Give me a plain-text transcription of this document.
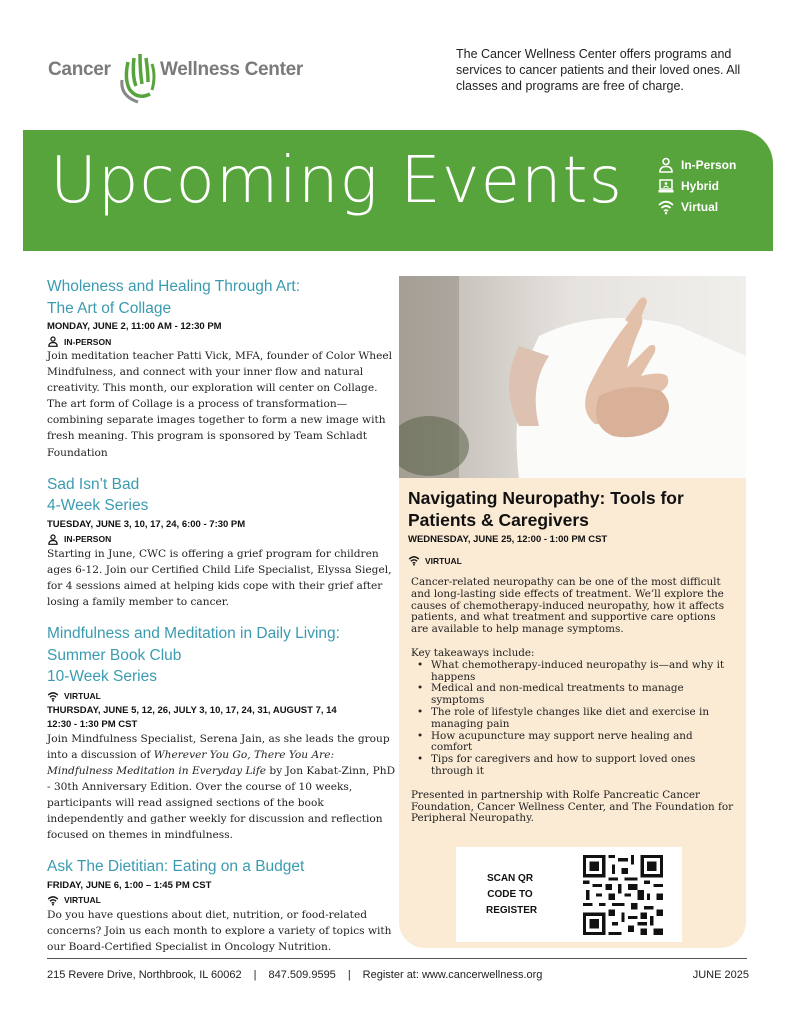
Cancer	Wellness Center
The Cancer Wellness Center offers programs and services to cancer patients and their loved ones. All classes and programs are free of charge.
Upcoming Events	In-Person
Hybrid
Virtual
Wholeness and Healing Through Art:
The Art of Collage
MONDAY, JUNE 2, 11:00 AM - 12:30 PM
IN-PERSON
Join meditation teacher Patti Vick, MFA, founder of Color Wheel Mindfulness, and connect with your inner flow and natural creativity. This month, our exploration will center on Collage. The art form of Collage is a process of transformation—combining separate images together to form a new image with fresh meaning. This program is sponsored by Team Schladt Foundation
Sad Isn’t Bad
4-Week Series
TUESDAY, JUNE 3, 10, 17, 24, 6:00 - 7:30 PM
IN-PERSON
Starting in June, CWC is offering a grief program for children ages 6-12. Join our Certified Child Life Specialist, Elyssa Siegel, for 4 sessions aimed at helping kids cope with their grief after losing a family member to cancer.
Mindfulness and Meditation in Daily Living:
Summer Book Club
10-Week Series
VIRTUAL
THURSDAY, JUNE 5, 12, 26, JULY 3, 10, 17, 24, 31, AUGUST 7, 14
12:30 - 1:30 PM CST
Join Mindfulness Specialist, Serena Jain, as she leads the group into a discussion of Wherever You Go, There You Are: Mindfulness Meditation in Everyday Life by Jon Kabat-Zinn, PhD - 30th Anniversary Edition. Over the course of 10 weeks, participants will read assigned sections of the book independently and gather weekly for discussion and reflection focused on themes in mindfulness.
Ask The Dietitian: Eating on a Budget
FRIDAY, JUNE 6, 1:00 – 1:45 PM CST
VIRTUAL
Do you have questions about diet, nutrition, or food-related concerns? Join us each month to explore a variety of topics with our Board-Certified Specialist in Oncology Nutrition.
Navigating Neuropathy: Tools for Patients & Caregivers
WEDNESDAY, JUNE 25, 12:00 - 1:00 PM CST
VIRTUAL

Cancer-related neuropathy can be one of the most difficult and long-lasting side effects of treatment. We’ll explore the causes of chemotherapy-induced neuropathy, how it affects patients, and what treatment and supportive care options are available to help manage symptoms.

Key takeaways include:
• What chemotherapy-induced neuropathy is—and why it happens
• Medical and non-medical treatments to manage symptoms
• The role of lifestyle changes like diet and exercise in managing pain
• How acupuncture may support nerve healing and comfort
• Tips for caregivers and how to support loved ones through it

Presented in partnership with Rolfe Pancreatic Cancer Foundation, Cancer Wellness Center, and The Foundation for Peripheral Neuropathy.

SCAN QR CODE TO REGISTER
215 Revere Drive, Northbrook, IL 60062 | 847.509.9595 | Register at: www.cancerwellness.org	JUNE 2025
